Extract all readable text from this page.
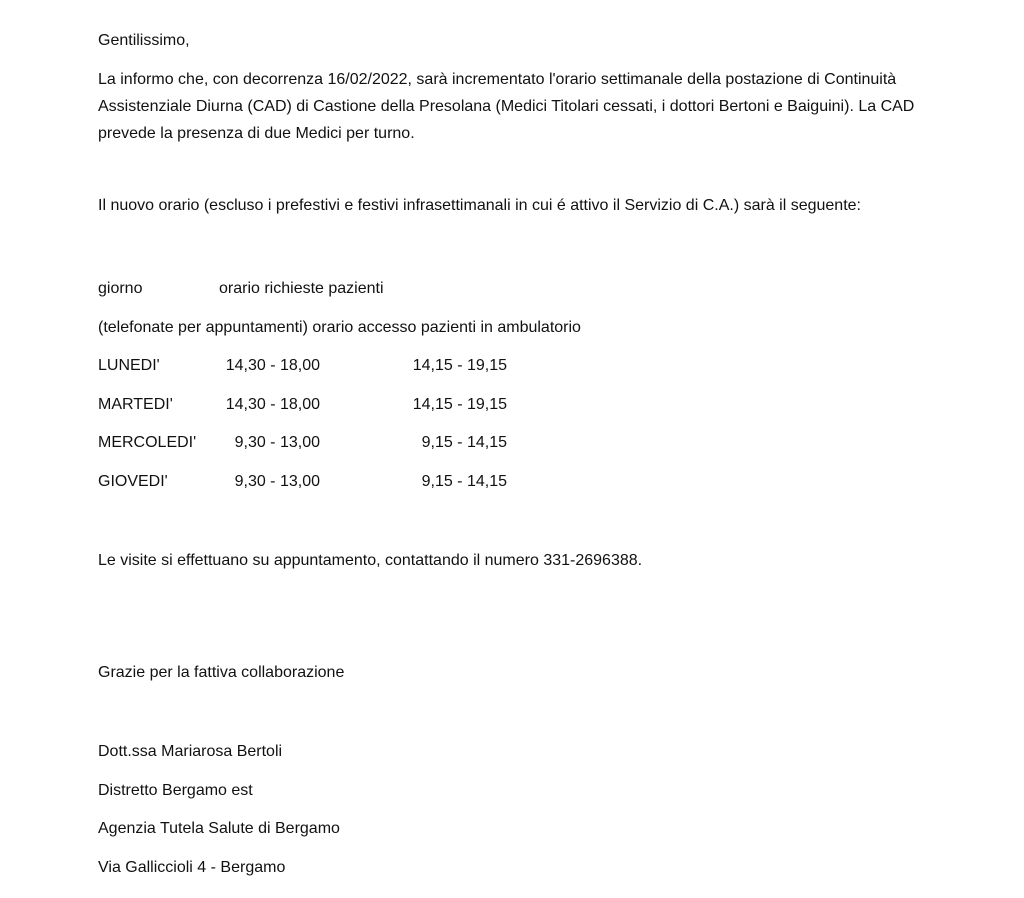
Gentilissimo,

La informo che, con decorrenza 16/02/2022, sarà incrementato l'orario settimanale della postazione di Continuità Assistenziale Diurna (CAD) di Castione della Presolana (Medici Titolari cessati, i dottori Bertoni e Baiguini). La CAD prevede la presenza di due Medici per turno.

Il nuovo orario (escluso i prefestivi e festivi infrasettimanali in cui é attivo il Servizio di C.A.) sarà il seguente:

giorno	orario richieste pazienti
(telefonate per appuntamenti) orario accesso pazienti in ambulatorio
LUNEDI'	14,30 - 18,00	14,15 - 19,15
MARTEDI'	14,30 - 18,00	14,15 - 19,15
MERCOLEDI'	9,30 - 13,00	9,15 - 14,15
GIOVEDI'	9,30 - 13,00	9,15 - 14,15

Le visite si effettuano su appuntamento, contattando il numero 331-2696388.

Grazie per la fattiva collaborazione

Dott.ssa Mariarosa Bertoli

Distretto Bergamo est

Agenzia Tutela Salute di Bergamo

Via Galliccioli 4 - Bergamo
